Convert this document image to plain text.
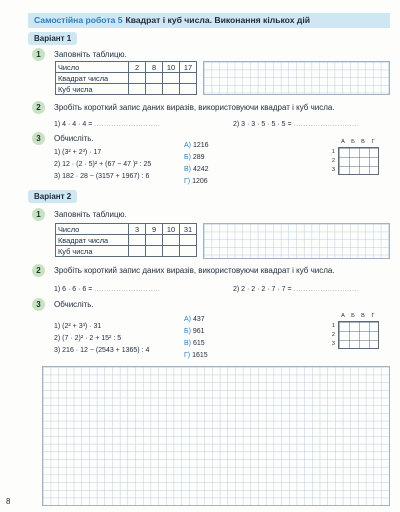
Самостійна робота 5 Квадрат і куб числа. Виконання кількох дій
Варіант 1
1	Заповніть таблицю.
Число	2	8	10	17
Квадрат числа				
Куб числа				
2	Зробіть короткий запис даних виразів, використовуючи квадрат і куб числа.
1) 4 · 4 · 4 = ...........................	2) 3 · 3 · 5 · 5 · 5 = ...........................
3	Обчисліть.
1) (3² + 2³) · 17
2) 12 · (2 · 5)² + (67 − 47 )² : 25
3) 182 · 28 − (3157 + 1967) : 6
А) 1216
Б) 289
В) 4242
Г) 1206
А Б В Г
1
2
3
Варіант 2
1	Заповніть таблицю.
Число	3	9	10	31
Квадрат числа				
Куб числа				
2	Зробіть короткий запис даних виразів, використовуючи квадрат і куб числа.
1) 6 · 6 · 6 = ...........................	2) 2 · 2 · 2 · 7 · 7 = ...........................
3	Обчисліть.
1) (2² + 3³) · 31
2) (7 · 2)² · 2 + 15² : 5
3) 216 · 12 − (2543 + 1365) : 4
А) 437
Б) 961
В) 615
Г) 1615
А Б В Г
1
2
3
8
